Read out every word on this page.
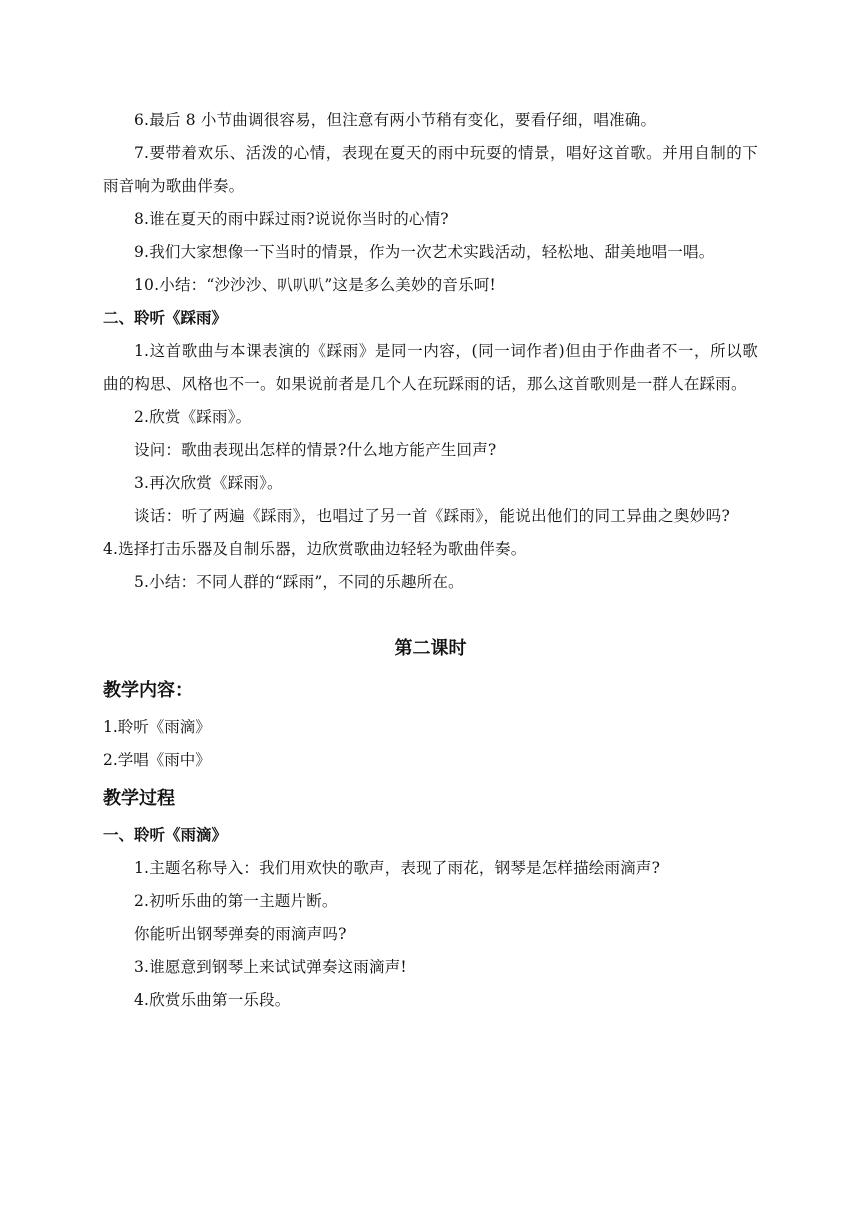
6.最后 8 小节曲调很容易，但注意有两小节稍有变化，要看仔细，唱准确。

7.要带着欢乐、活泼的心情，表现在夏天的雨中玩耍的情景，唱好这首歌。并用自制的下雨音响为歌曲伴奏。

8.谁在夏天的雨中踩过雨?说说你当时的心情?

9.我们大家想像一下当时的情景，作为一次艺术实践活动，轻松地、甜美地唱一唱。

10.小结：“沙沙沙、叭叭叭”这是多么美妙的音乐呵!

二、聆听《踩雨》

1.这首歌曲与本课表演的《踩雨》是同一内容，(同一词作者)但由于作曲者不一，所以歌曲的构思、风格也不一。如果说前者是几个人在玩踩雨的话，那么这首歌则是一群人在踩雨。

2.欣赏《踩雨》。

设问：歌曲表现出怎样的情景?什么地方能产生回声?

3.再次欣赏《踩雨》。

谈话：听了两遍《踩雨》，也唱过了另一首《踩雨》，能说出他们的同工异曲之奥妙吗?4.选择打击乐器及自制乐器，边欣赏歌曲边轻轻为歌曲伴奏。

5.小结：不同人群的“踩雨”，不同的乐趣所在。

第二课时

教学内容：

1.聆听《雨滴》

2.学唱《雨中》

教学过程

一、聆听《雨滴》

1.主题名称导入：我们用欢快的歌声，表现了雨花，钢琴是怎样描绘雨滴声?

2.初听乐曲的第一主题片断。

你能听出钢琴弹奏的雨滴声吗?

3.谁愿意到钢琴上来试试弹奏这雨滴声!

4.欣赏乐曲第一乐段。
